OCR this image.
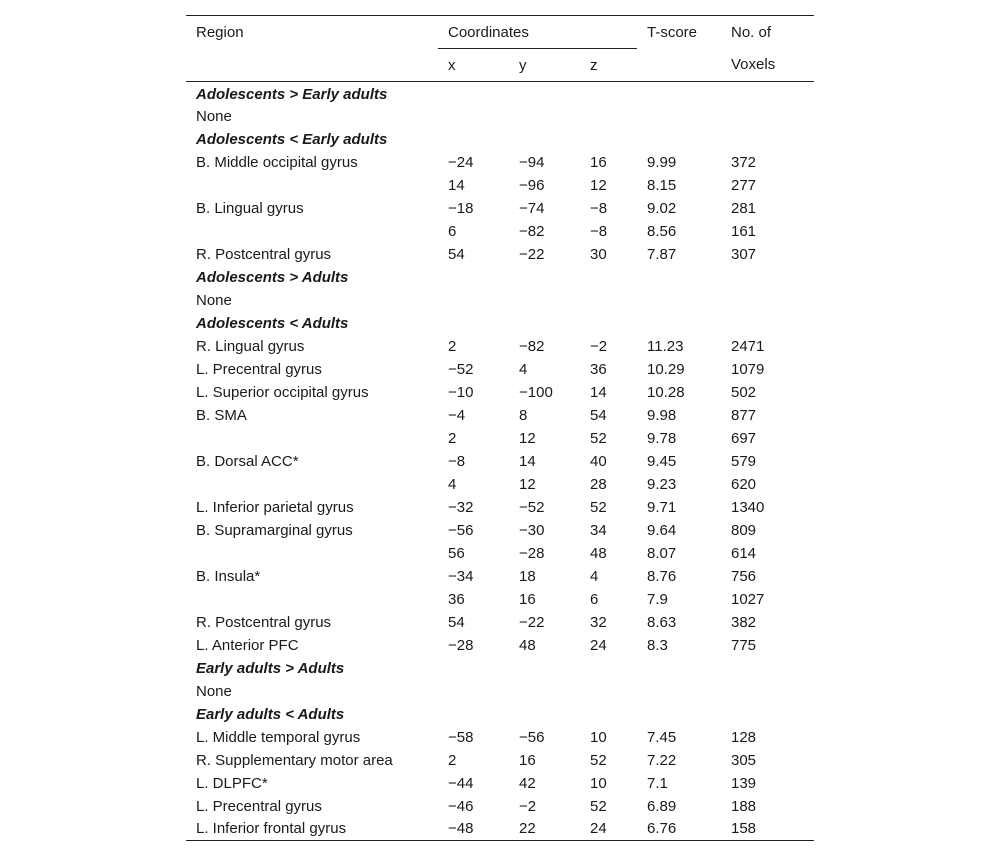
Region	Coordinates			T-score	No. of
	x	y	z		Voxels
Adolescents > Early adults					
None					
Adolescents < Early adults					
B. Middle occipital gyrus	−24	−94	16	9.99	372
	14	−96	12	8.15	277
B. Lingual gyrus	−18	−74	−8	9.02	281
	6	−82	−8	8.56	161
R. Postcentral gyrus	54	−22	30	7.87	307
Adolescents > Adults					
None					
Adolescents < Adults					
R. Lingual gyrus	2	−82	−2	11.23	2471
L. Precentral gyrus	−52	4	36	10.29	1079
L. Superior occipital gyrus	−10	−100	14	10.28	502
B. SMA	−4	8	54	9.98	877
	2	12	52	9.78	697
B. Dorsal ACC*	−8	14	40	9.45	579
	4	12	28	9.23	620
L. Inferior parietal gyrus	−32	−52	52	9.71	1340
B. Supramarginal gyrus	−56	−30	34	9.64	809
	56	−28	48	8.07	614
B. Insula*	−34	18	4	8.76	756
	36	16	6	7.9	1027
R. Postcentral gyrus	54	−22	32	8.63	382
L. Anterior PFC	−28	48	24	8.3	775
Early adults > Adults					
None					
Early adults < Adults					
L. Middle temporal gyrus	−58	−56	10	7.45	128
R. Supplementary motor area	2	16	52	7.22	305
L. DLPFC*	−44	42	10	7.1	139
L. Precentral gyrus	−46	−2	52	6.89	188
L. Inferior frontal gyrus	−48	22	24	6.76	158
